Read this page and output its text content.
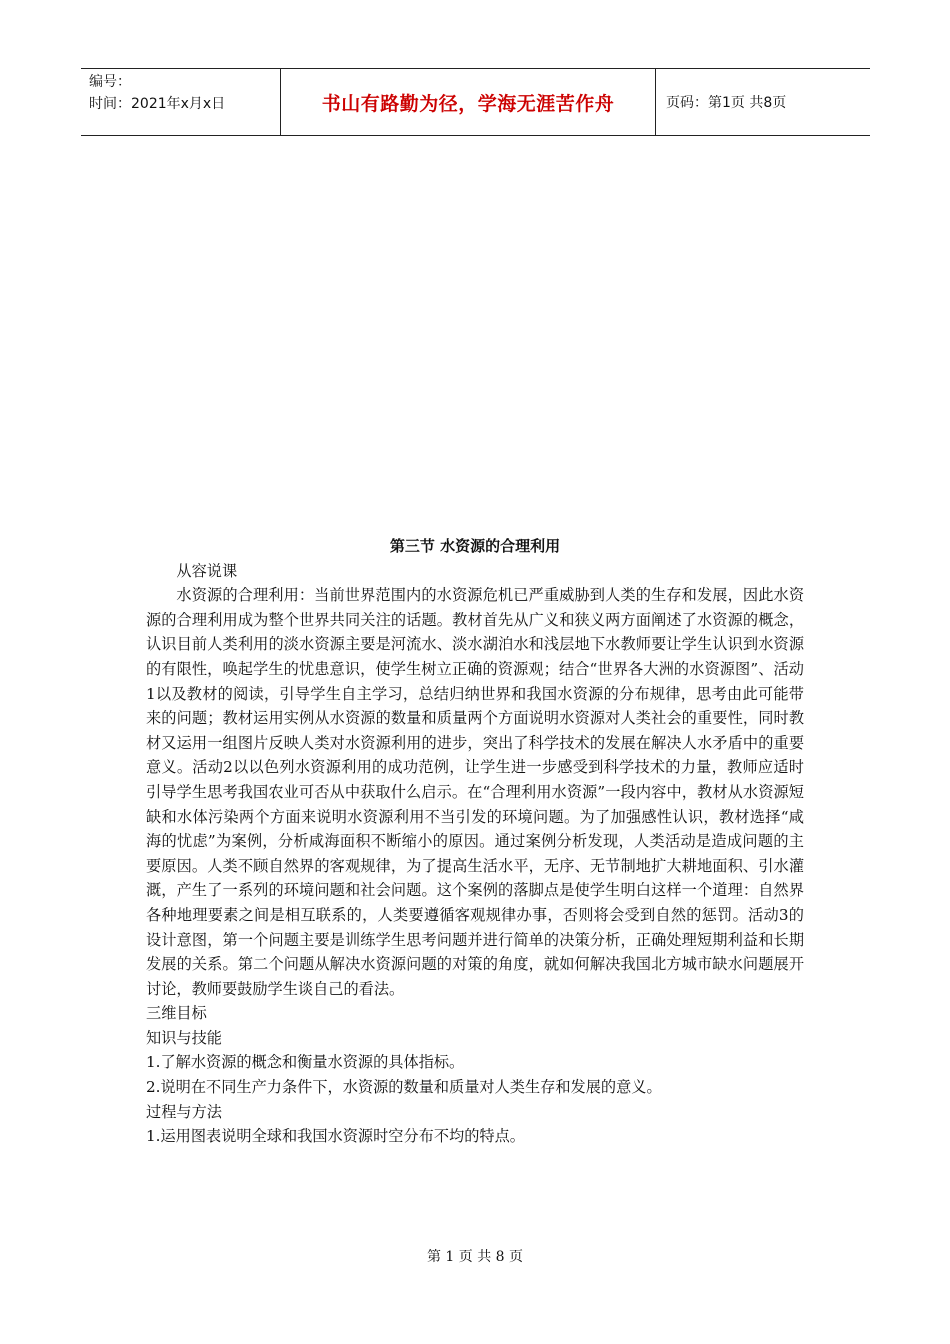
编号：
时间：2021年x月x日	书山有路勤为径，学海无涯苦作舟	页码：第1页 共8页
第三节 水资源的合理利用

从容说课

水资源的合理利用：当前世界范围内的水资源危机已严重威胁到人类的生存和发展，因此水资源的合理利用成为整个世界共同关注的话题。教材首先从广义和狭义两方面阐述了水资源的概念，认识目前人类利用的淡水资源主要是河流水、淡水湖泊水和浅层地下水教师要让学生认识到水资源的有限性，唤起学生的忧患意识，使学生树立正确的资源观；结合“世界各大洲的水资源图”、活动1以及教材的阅读，引导学生自主学习，总结归纳世界和我国水资源的分布规律，思考由此可能带来的问题；教材运用实例从水资源的数量和质量两个方面说明水资源对人类社会的重要性，同时教材又运用一组图片反映人类对水资源利用的进步，突出了科学技术的发展在解决人水矛盾中的重要意义。活动2以以色列水资源利用的成功范例，让学生进一步感受到科学技术的力量，教师应适时引导学生思考我国农业可否从中获取什么启示。在“合理利用水资源”一段内容中，教材从水资源短缺和水体污染两个方面来说明水资源利用不当引发的环境问题。为了加强感性认识，教材选择“咸海的忧虑”为案例，分析咸海面积不断缩小的原因。通过案例分析发现，人类活动是造成问题的主要原因。人类不顾自然界的客观规律，为了提高生活水平，无序、无节制地扩大耕地面积、引水灌溉，产生了一系列的环境问题和社会问题。这个案例的落脚点是使学生明白这样一个道理：自然界各种地理要素之间是相互联系的，人类要遵循客观规律办事，否则将会受到自然的惩罚。活动3的设计意图，第一个问题主要是训练学生思考问题并进行简单的决策分析，正确处理短期利益和长期发展的关系。第二个问题从解决水资源问题的对策的角度，就如何解决我国北方城市缺水问题展开讨论，教师要鼓励学生谈自己的看法。

三维目标

知识与技能

1.了解水资源的概念和衡量水资源的具体指标。

2.说明在不同生产力条件下，水资源的数量和质量对人类生存和发展的意义。

过程与方法

1.运用图表说明全球和我国水资源时空分布不均的特点。

第 1 页 共 8 页
